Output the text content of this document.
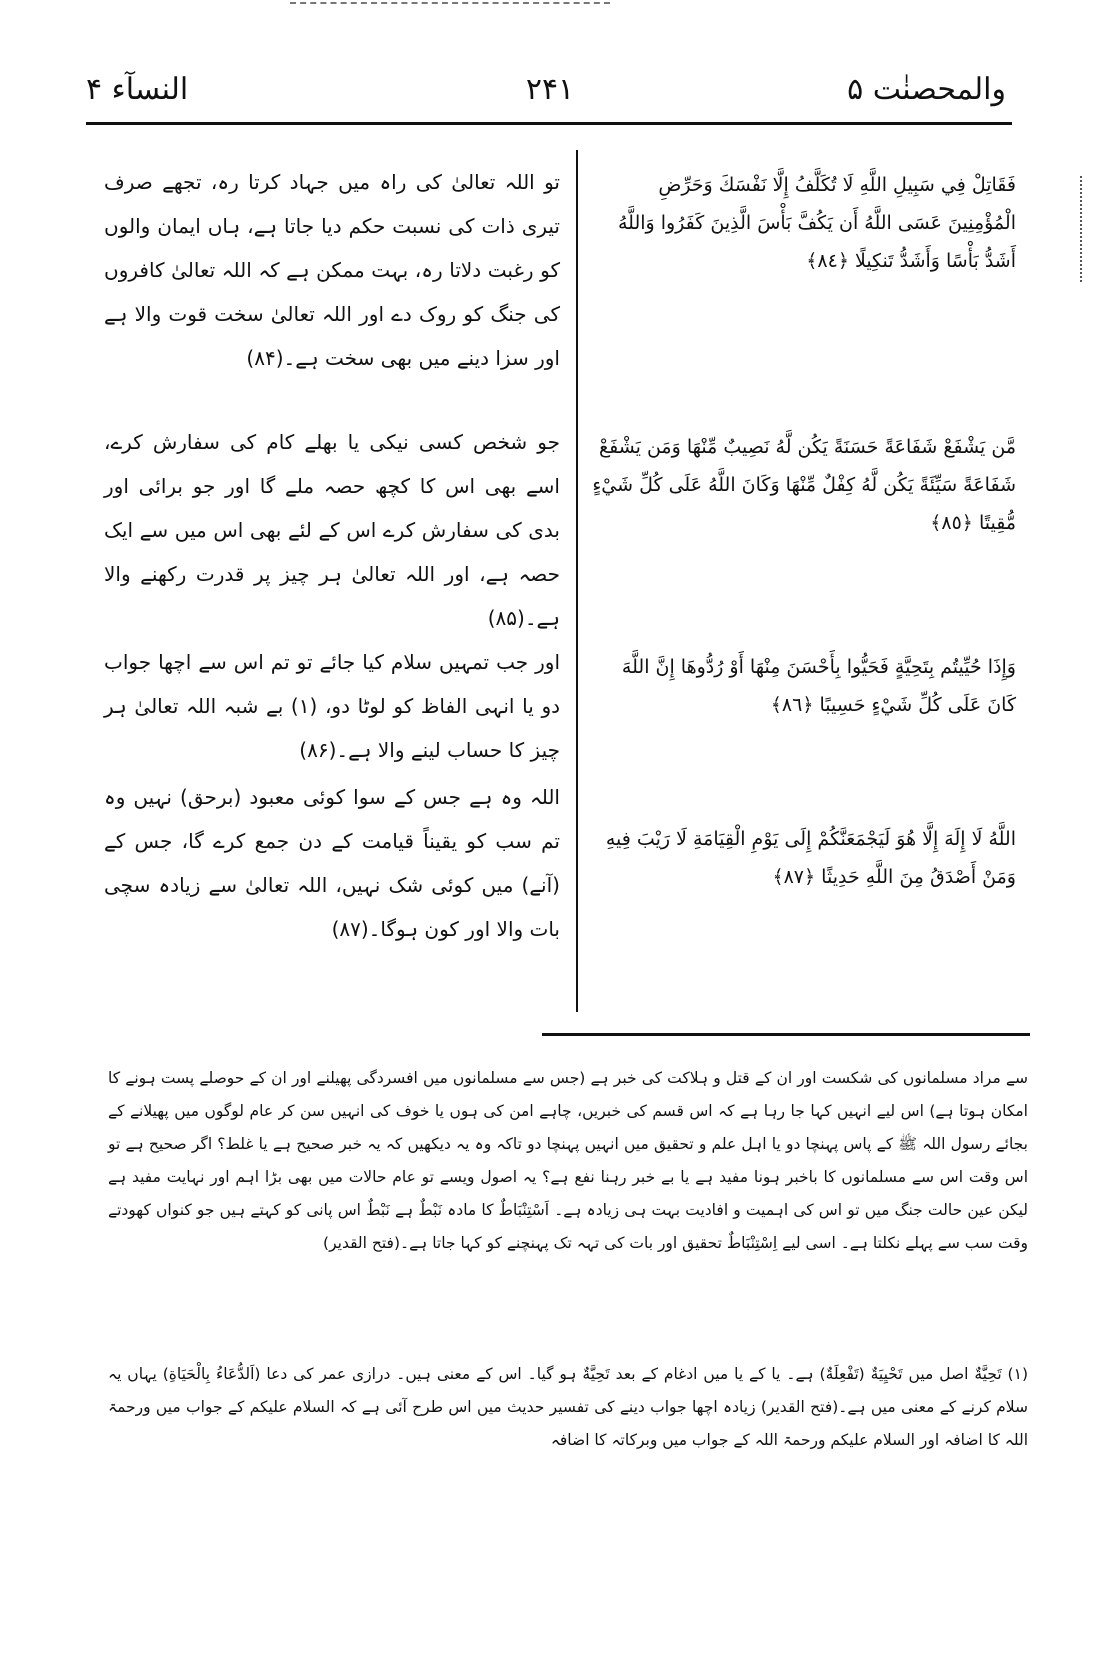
النسآء ۴	۲۴۱	والمحصنٰت ۵
فَقَاتِلْ فِي سَبِيلِ اللَّهِ لَا تُكَلَّفُ إِلَّا نَفْسَكَ وَحَرِّضِ الْمُؤْمِنِينَ عَسَى اللَّهُ أَن يَكُفَّ بَأْسَ الَّذِينَ كَفَرُوا وَاللَّهُ أَشَدُّ بَأْسًا وَأَشَدُّ تَنكِيلًا ﴿٨٤﴾
مَّن يَشْفَعْ شَفَاعَةً حَسَنَةً يَكُن لَّهُ نَصِيبٌ مِّنْهَا وَمَن يَشْفَعْ شَفَاعَةً سَيِّئَةً يَكُن لَّهُ كِفْلٌ مِّنْهَا وَكَانَ اللَّهُ عَلَى كُلِّ شَيْءٍ مُّقِيتًا ﴿٨٥﴾
وَإِذَا حُيِّيتُم بِتَحِيَّةٍ فَحَيُّوا بِأَحْسَنَ مِنْهَا أَوْ رُدُّوهَا إِنَّ اللَّهَ كَانَ عَلَى كُلِّ شَيْءٍ حَسِيبًا ﴿٨٦﴾
اللَّهُ لَا إِلَهَ إِلَّا هُوَ لَيَجْمَعَنَّكُمْ إِلَى يَوْمِ الْقِيَامَةِ لَا رَيْبَ فِيهِ وَمَنْ أَصْدَقُ مِنَ اللَّهِ حَدِيثًا ﴿٨٧﴾
تو اللہ تعالیٰ کی راہ میں جہاد کرتا رہ، تجھے صرف تیری ذات کی نسبت حکم دیا جاتا ہے، ہاں ایمان والوں کو رغبت دلاتا رہ، بہت ممکن ہے کہ اللہ تعالیٰ کافروں کی جنگ کو روک دے اور اللہ تعالیٰ سخت قوت والا ہے اور سزا دینے میں بھی سخت ہے۔(۸۴)
جو شخص کسی نیکی یا بھلے کام کی سفارش کرے، اسے بھی اس کا کچھ حصہ ملے گا اور جو برائی اور بدی کی سفارش کرے اس کے لئے بھی اس میں سے ایک حصہ ہے، اور اللہ تعالیٰ ہر چیز پر قدرت رکھنے والا ہے۔(۸۵)
اور جب تمہیں سلام کیا جائے تو تم اس سے اچھا جواب دو یا انہی الفاظ کو لوٹا دو، (۱) بے شبہ اللہ تعالیٰ ہر چیز کا حساب لینے والا ہے۔(۸۶)
اللہ وہ ہے جس کے سوا کوئی معبود (برحق) نہیں وہ تم سب کو یقیناً قیامت کے دن جمع کرے گا، جس کے (آنے) میں کوئی شک نہیں، اللہ تعالیٰ سے زیادہ سچی بات والا اور کون ہوگا۔(۸۷)
سے مراد مسلمانوں کی شکست اور ان کے قتل و ہلاکت کی خبر ہے (جس سے مسلمانوں میں افسردگی پھیلنے اور ان کے حوصلے پست ہونے کا امکان ہوتا ہے) اس لیے انہیں کہا جا رہا ہے کہ اس قسم کی خبریں، چاہے امن کی ہوں یا خوف کی انہیں سن کر عام لوگوں میں پھیلانے کے بجائے رسول اللہ ﷺ کے پاس پہنچا دو یا اہل علم و تحقیق میں انہیں پہنچا دو تاکہ وہ یہ دیکھیں کہ یہ خبر صحیح ہے یا غلط؟ اگر صحیح ہے تو اس وقت اس سے مسلمانوں کا باخبر ہونا مفید ہے یا بے خبر رہنا نفع ہے؟ یہ اصول ویسے تو عام حالات میں بھی بڑا اہم اور نہایت مفید ہے لیکن عین حالت جنگ میں تو اس کی اہمیت و افادیت بہت ہی زیادہ ہے۔ اَسْتِنْبَاطٌ کا مادہ نَبْطٌ ہے نَبْطٌ اس پانی کو کہتے ہیں جو کنواں کھودتے وقت سب سے پہلے نکلتا ہے۔ اسی لیے اِسْتِنْبَاطٌ تحقیق اور بات کی تہہ تک پہنچنے کو کہا جاتا ہے۔(فتح القدیر)
(۱) تَحِيَّةٌ اصل میں تَحْيِيَةٌ (تَفْعِلَةٌ) ہے۔ یا کے یا میں ادغام کے بعد تَحِيَّةٌ ہو گیا۔ اس کے معنی ہیں۔ درازی عمر کی دعا (اَلدُّعَاءُ بِالْحَيَاةِ) یہاں یہ سلام کرنے کے معنی میں ہے۔(فتح القدیر) زیادہ اچھا جواب دینے کی تفسیر حدیث میں اس طرح آئی ہے کہ السلام علیکم کے جواب میں ورحمۃ اللہ کا اضافہ اور السلام علیکم ورحمۃ اللہ کے جواب میں وبرکاتہ کا اضافہ
